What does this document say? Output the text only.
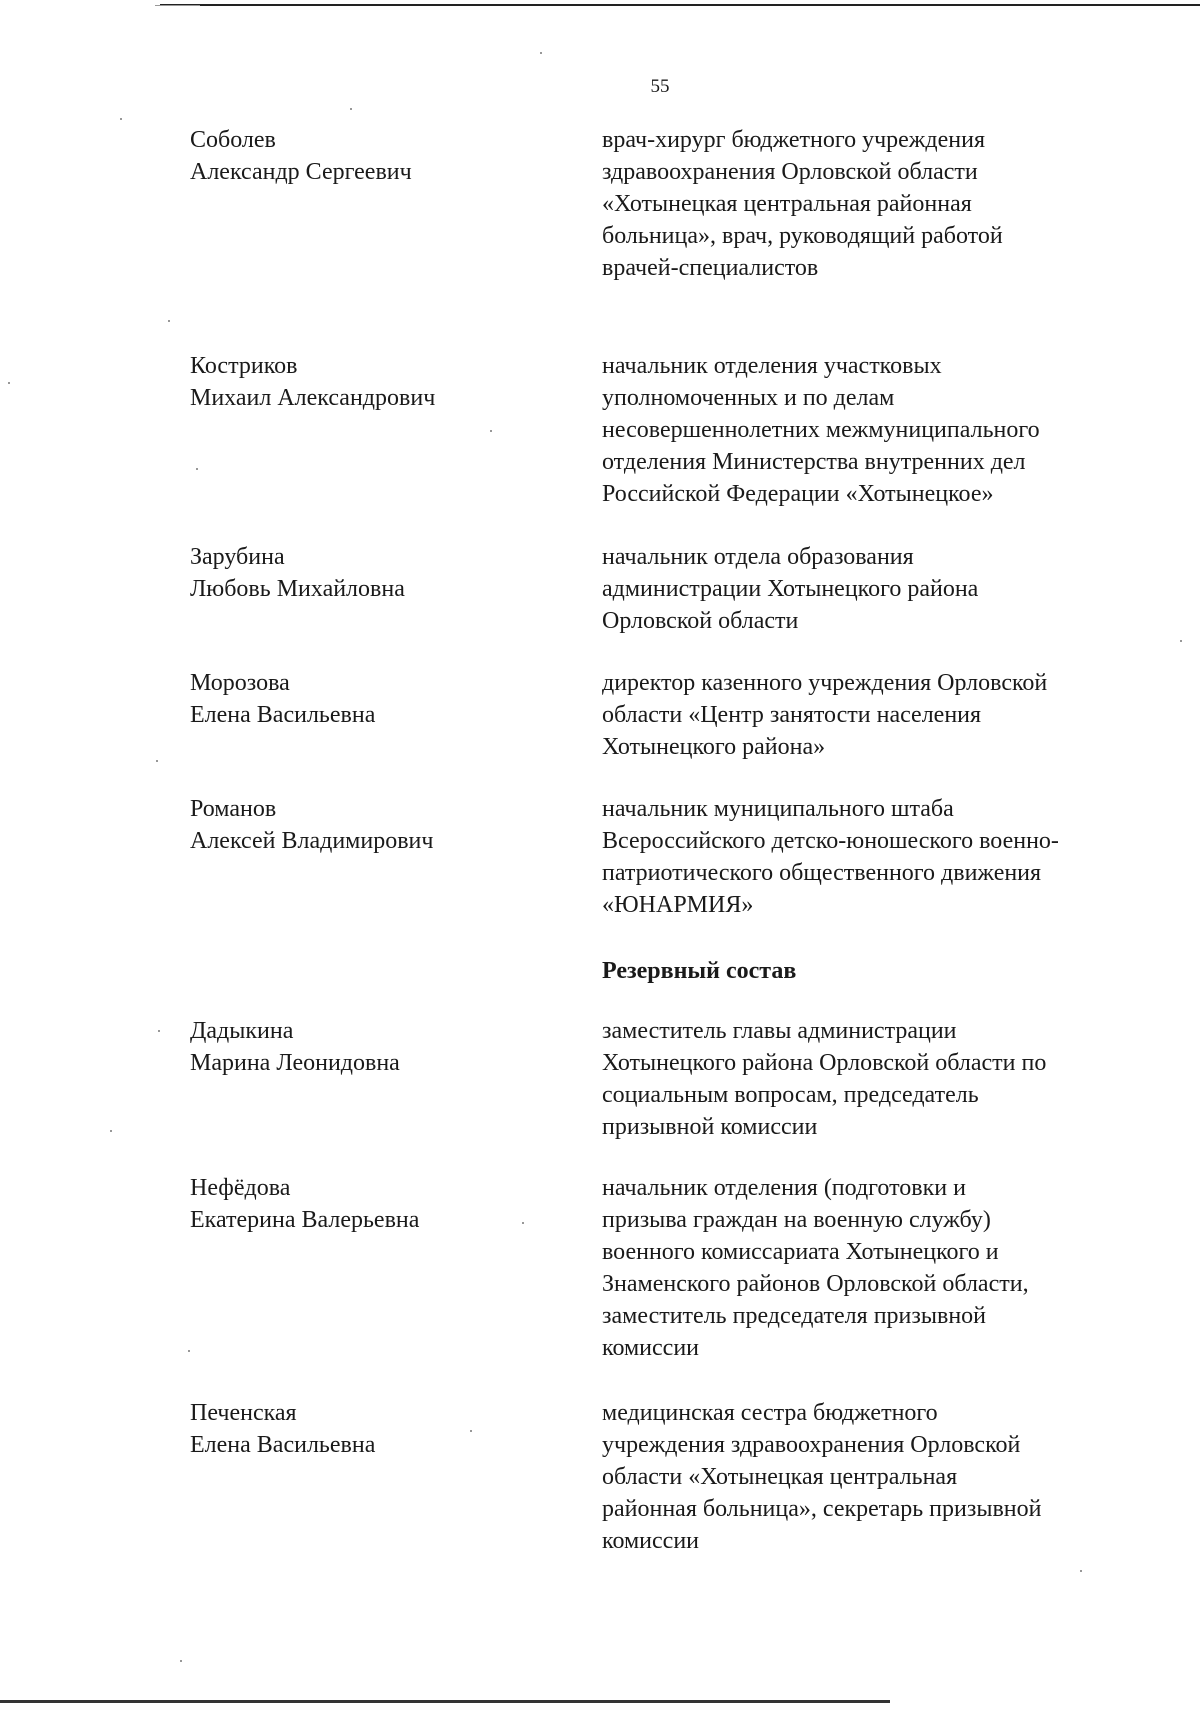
55
Соболев
Александр Сергеевич
врач-хирург бюджетного учреждения
здравоохранения Орловской области
«Хотынецкая центральная районная
больница», врач, руководящий работой
врачей-специалистов
Костриков
Михаил Александрович
начальник отделения участковых
уполномоченных и по делам
несовершеннолетних межмуниципального
отделения Министерства внутренних дел
Российской Федерации «Хотынецкое»
Зарубина
Любовь Михайловна
начальник отдела образования
администрации Хотынецкого района
Орловской области
Морозова
Елена Васильевна
директор казенного учреждения Орловской
области «Центр занятости населения
Хотынецкого района»
Романов
Алексей Владимирович
начальник муниципального штаба
Всероссийского детско-юношеского военно-
патриотического общественного движения
«ЮНАРМИЯ»
Резервный состав
Дадыкина
Марина Леонидовна
заместитель главы администрации
Хотынецкого района Орловской области по
социальным вопросам, председатель
призывной комиссии
Нефёдова
Екатерина Валерьевна
начальник отделения (подготовки и
призыва граждан на военную службу)
военного комиссариата Хотынецкого и
Знаменского районов Орловской области,
заместитель председателя призывной
комиссии
Печенская
Елена Васильевна
медицинская сестра бюджетного
учреждения здравоохранения Орловской
области «Хотынецкая центральная
районная больница», секретарь призывной
комиссии
